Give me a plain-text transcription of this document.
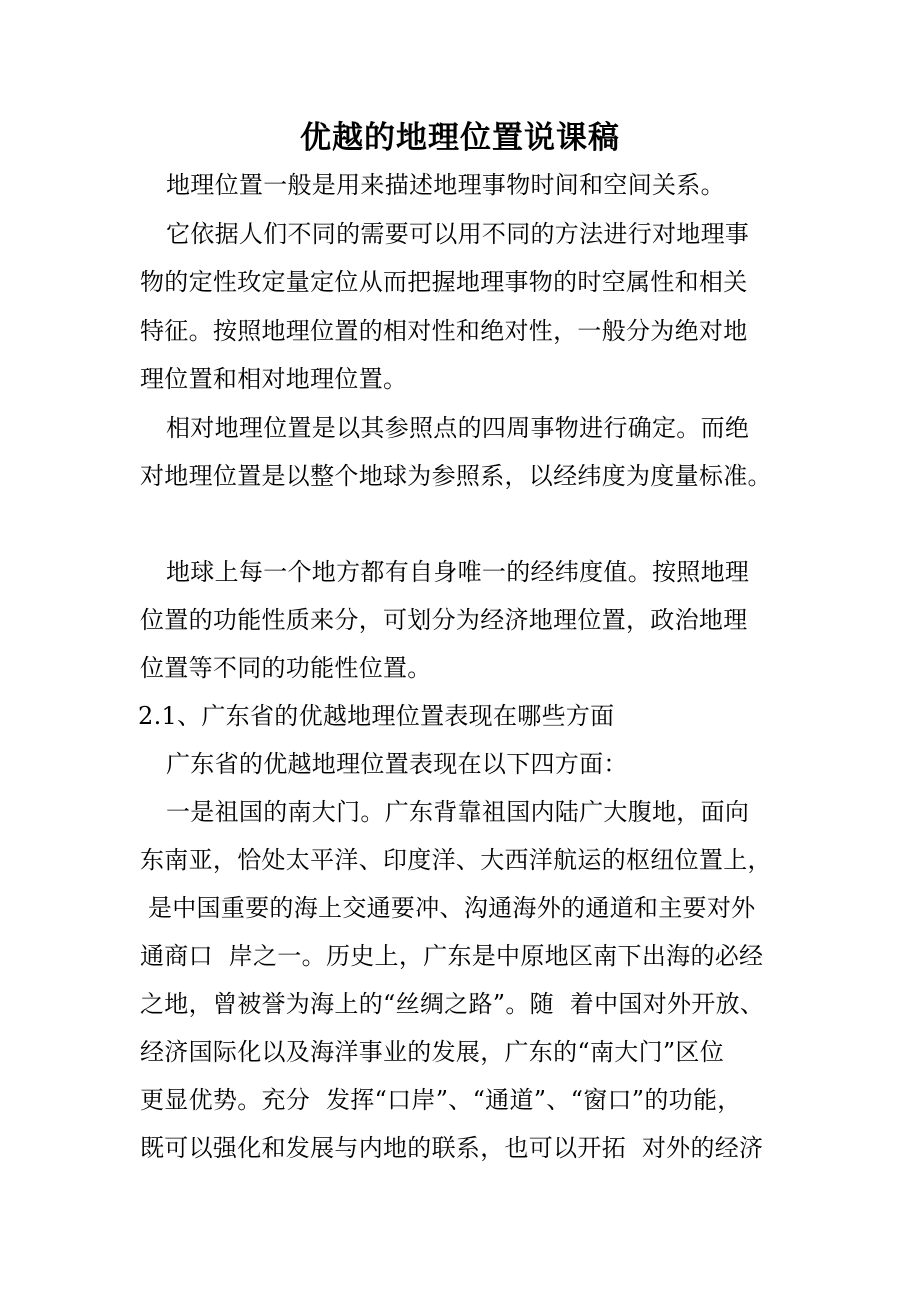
优越的地理位置说课稿
地理位置一般是用来描述地理事物时间和空间关系。
它依据人们不同的需要可以用不同的方法进行对地理事
物的定性玫定量定位从而把握地理事物的时空属性和相关
特征。按照地理位置的相对性和绝对性，一般分为绝对地
理位置和相对地理位置。
相对地理位置是以其参照点的四周事物进行确定。而绝
对地理位置是以整个地球为参照系，以经纬度为度量标准。
地球上每一个地方都有自身唯一的经纬度值。按照地理
位置的功能性质来分，可划分为经济地理位置，政治地理
位置等不同的功能性位置。
2.1、广东省的优越地理位置表现在哪些方面
广东省的优越地理位置表现在以下四方面：
一是祖国的南大门。广东背靠祖国内陆广大腹地，面向
东南亚，恰处太平洋、印度洋、大西洋航运的枢纽位置上，
是中国重要的海上交通要冲、沟通海外的通道和主要对外
通商口  岸之一。历史上，广东是中原地区南下出海的必经
之地，曾被誉为海上的“丝绸之路”。随  着中国对外开放、
经济国际化以及海洋事业的发展，广东的“南大门”区位
更显优势。充分  发挥“口岸”、“通道”、“窗口”的功能，
既可以强化和发展与内地的联系，也可以开拓  对外的经济
